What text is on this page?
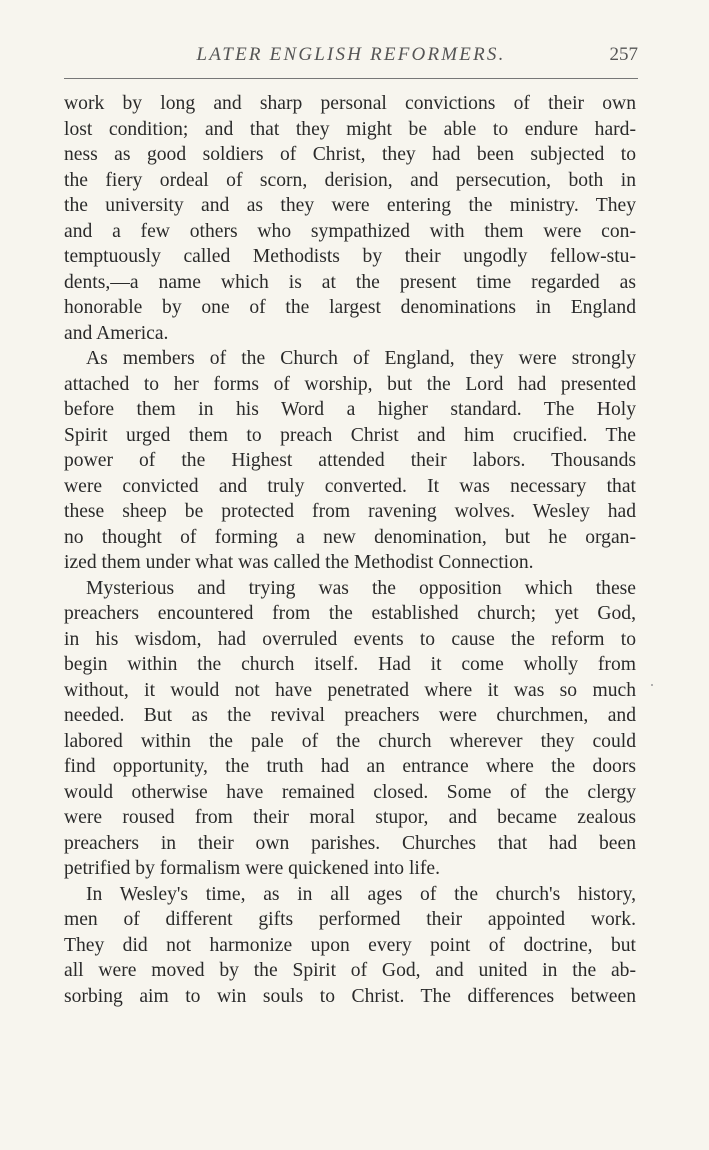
LATER ENGLISH REFORMERS.	257
work by long and sharp personal convictions of their own
lost condition; and that they might be able to endure hard-
ness as good soldiers of Christ, they had been subjected to
the fiery ordeal of scorn, derision, and persecution, both in
the university and as they were entering the ministry. They
and a few others who sympathized with them were con-
temptuously called Methodists by their ungodly fellow-stu-
dents,—a name which is at the present time regarded as
honorable by one of the largest denominations in England
and America.
As members of the Church of England, they were strongly
attached to her forms of worship, but the Lord had presented
before them in his Word a higher standard. The Holy
Spirit urged them to preach Christ and him crucified. The
power of the Highest attended their labors. Thousands
were convicted and truly converted. It was necessary that
these sheep be protected from ravening wolves. Wesley had
no thought of forming a new denomination, but he organ-
ized them under what was called the Methodist Connection.
Mysterious and trying was the opposition which these
preachers encountered from the established church; yet God,
in his wisdom, had overruled events to cause the reform to
begin within the church itself. Had it come wholly from
without, it would not have penetrated where it was so much
needed. But as the revival preachers were churchmen, and
labored within the pale of the church wherever they could
find opportunity, the truth had an entrance where the doors
would otherwise have remained closed. Some of the clergy
were roused from their moral stupor, and became zealous
preachers in their own parishes. Churches that had been
petrified by formalism were quickened into life.
In Wesley's time, as in all ages of the church's history,
men of different gifts performed their appointed work.
They did not harmonize upon every point of doctrine, but
all were moved by the Spirit of God, and united in the ab-
sorbing aim to win souls to Christ. The differences between
